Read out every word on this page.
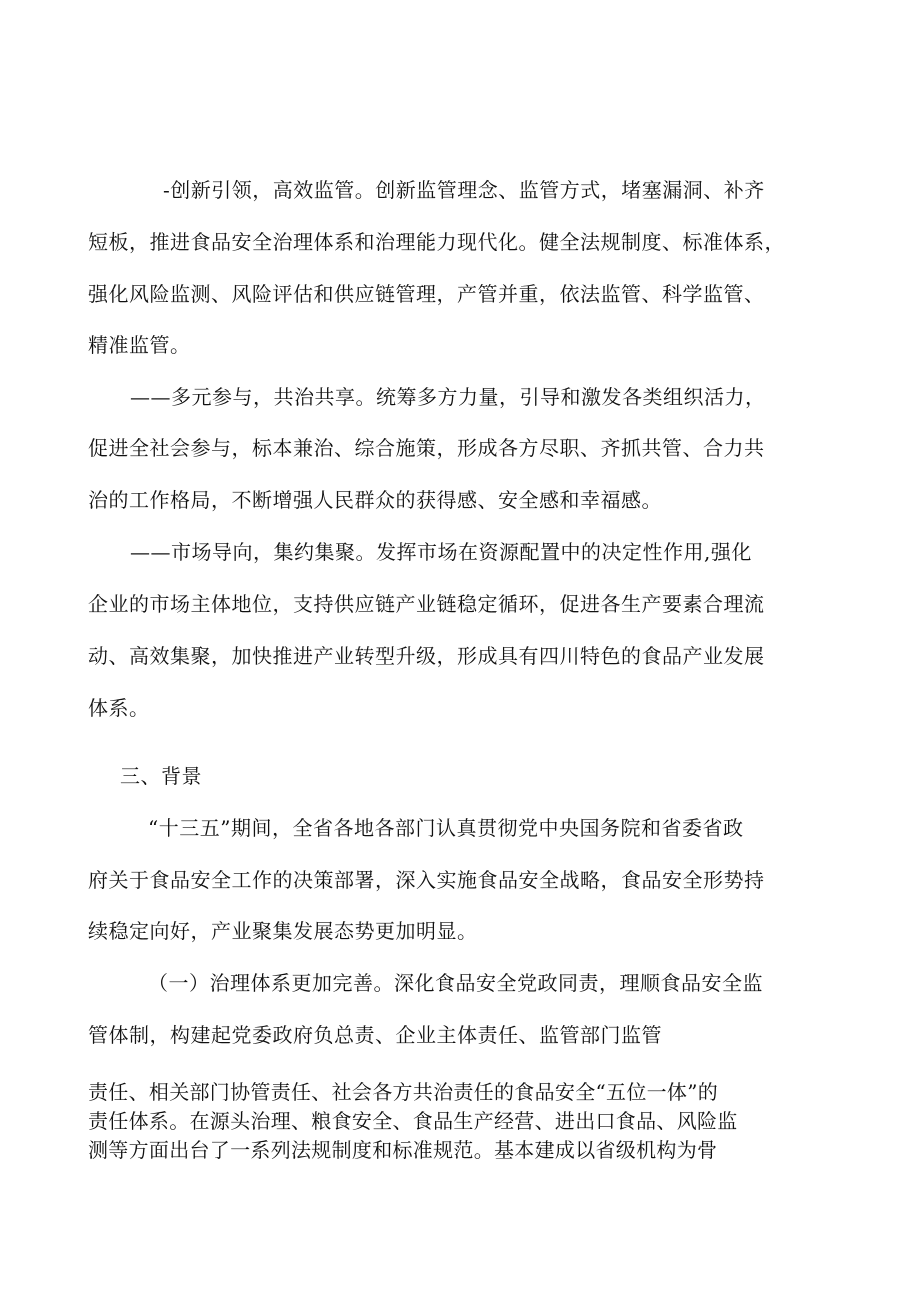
-创新引领，高效监管。创新监管理念、监管方式，堵塞漏洞、补齐
短板，推进食品安全治理体系和治理能力现代化。健全法规制度、标准体系，
强化风险监测、风险评估和供应链管理，产管并重，依法监管、科学监管、
精准监管。
——多元参与，共治共享。统筹多方力量，引导和激发各类组织活力，
促进全社会参与，标本兼治、综合施策，形成各方尽职、齐抓共管、合力共
治的工作格局，不断增强人民群众的获得感、安全感和幸福感。
——市场导向，集约集聚。发挥市场在资源配置中的决定性作用,强化
企业的市场主体地位，支持供应链产业链稳定循环，促进各生产要素合理流
动、高效集聚，加快推进产业转型升级，形成具有四川特色的食品产业发展
体系。
三、背景
“十三五”期间，全省各地各部门认真贯彻党中央国务院和省委省政
府关于食品安全工作的决策部署，深入实施食品安全战略，食品安全形势持
续稳定向好，产业聚集发展态势更加明显。
（一）治理体系更加完善。深化食品安全党政同责，理顺食品安全监
管体制，构建起党委政府负总责、企业主体责任、监管部门监管
责任、相关部门协管责任、社会各方共治责任的食品安全“五位一体”的
责任体系。在源头治理、粮食安全、食品生产经营、进出口食品、风险监
测等方面出台了一系列法规制度和标准规范。基本建成以省级机构为骨
